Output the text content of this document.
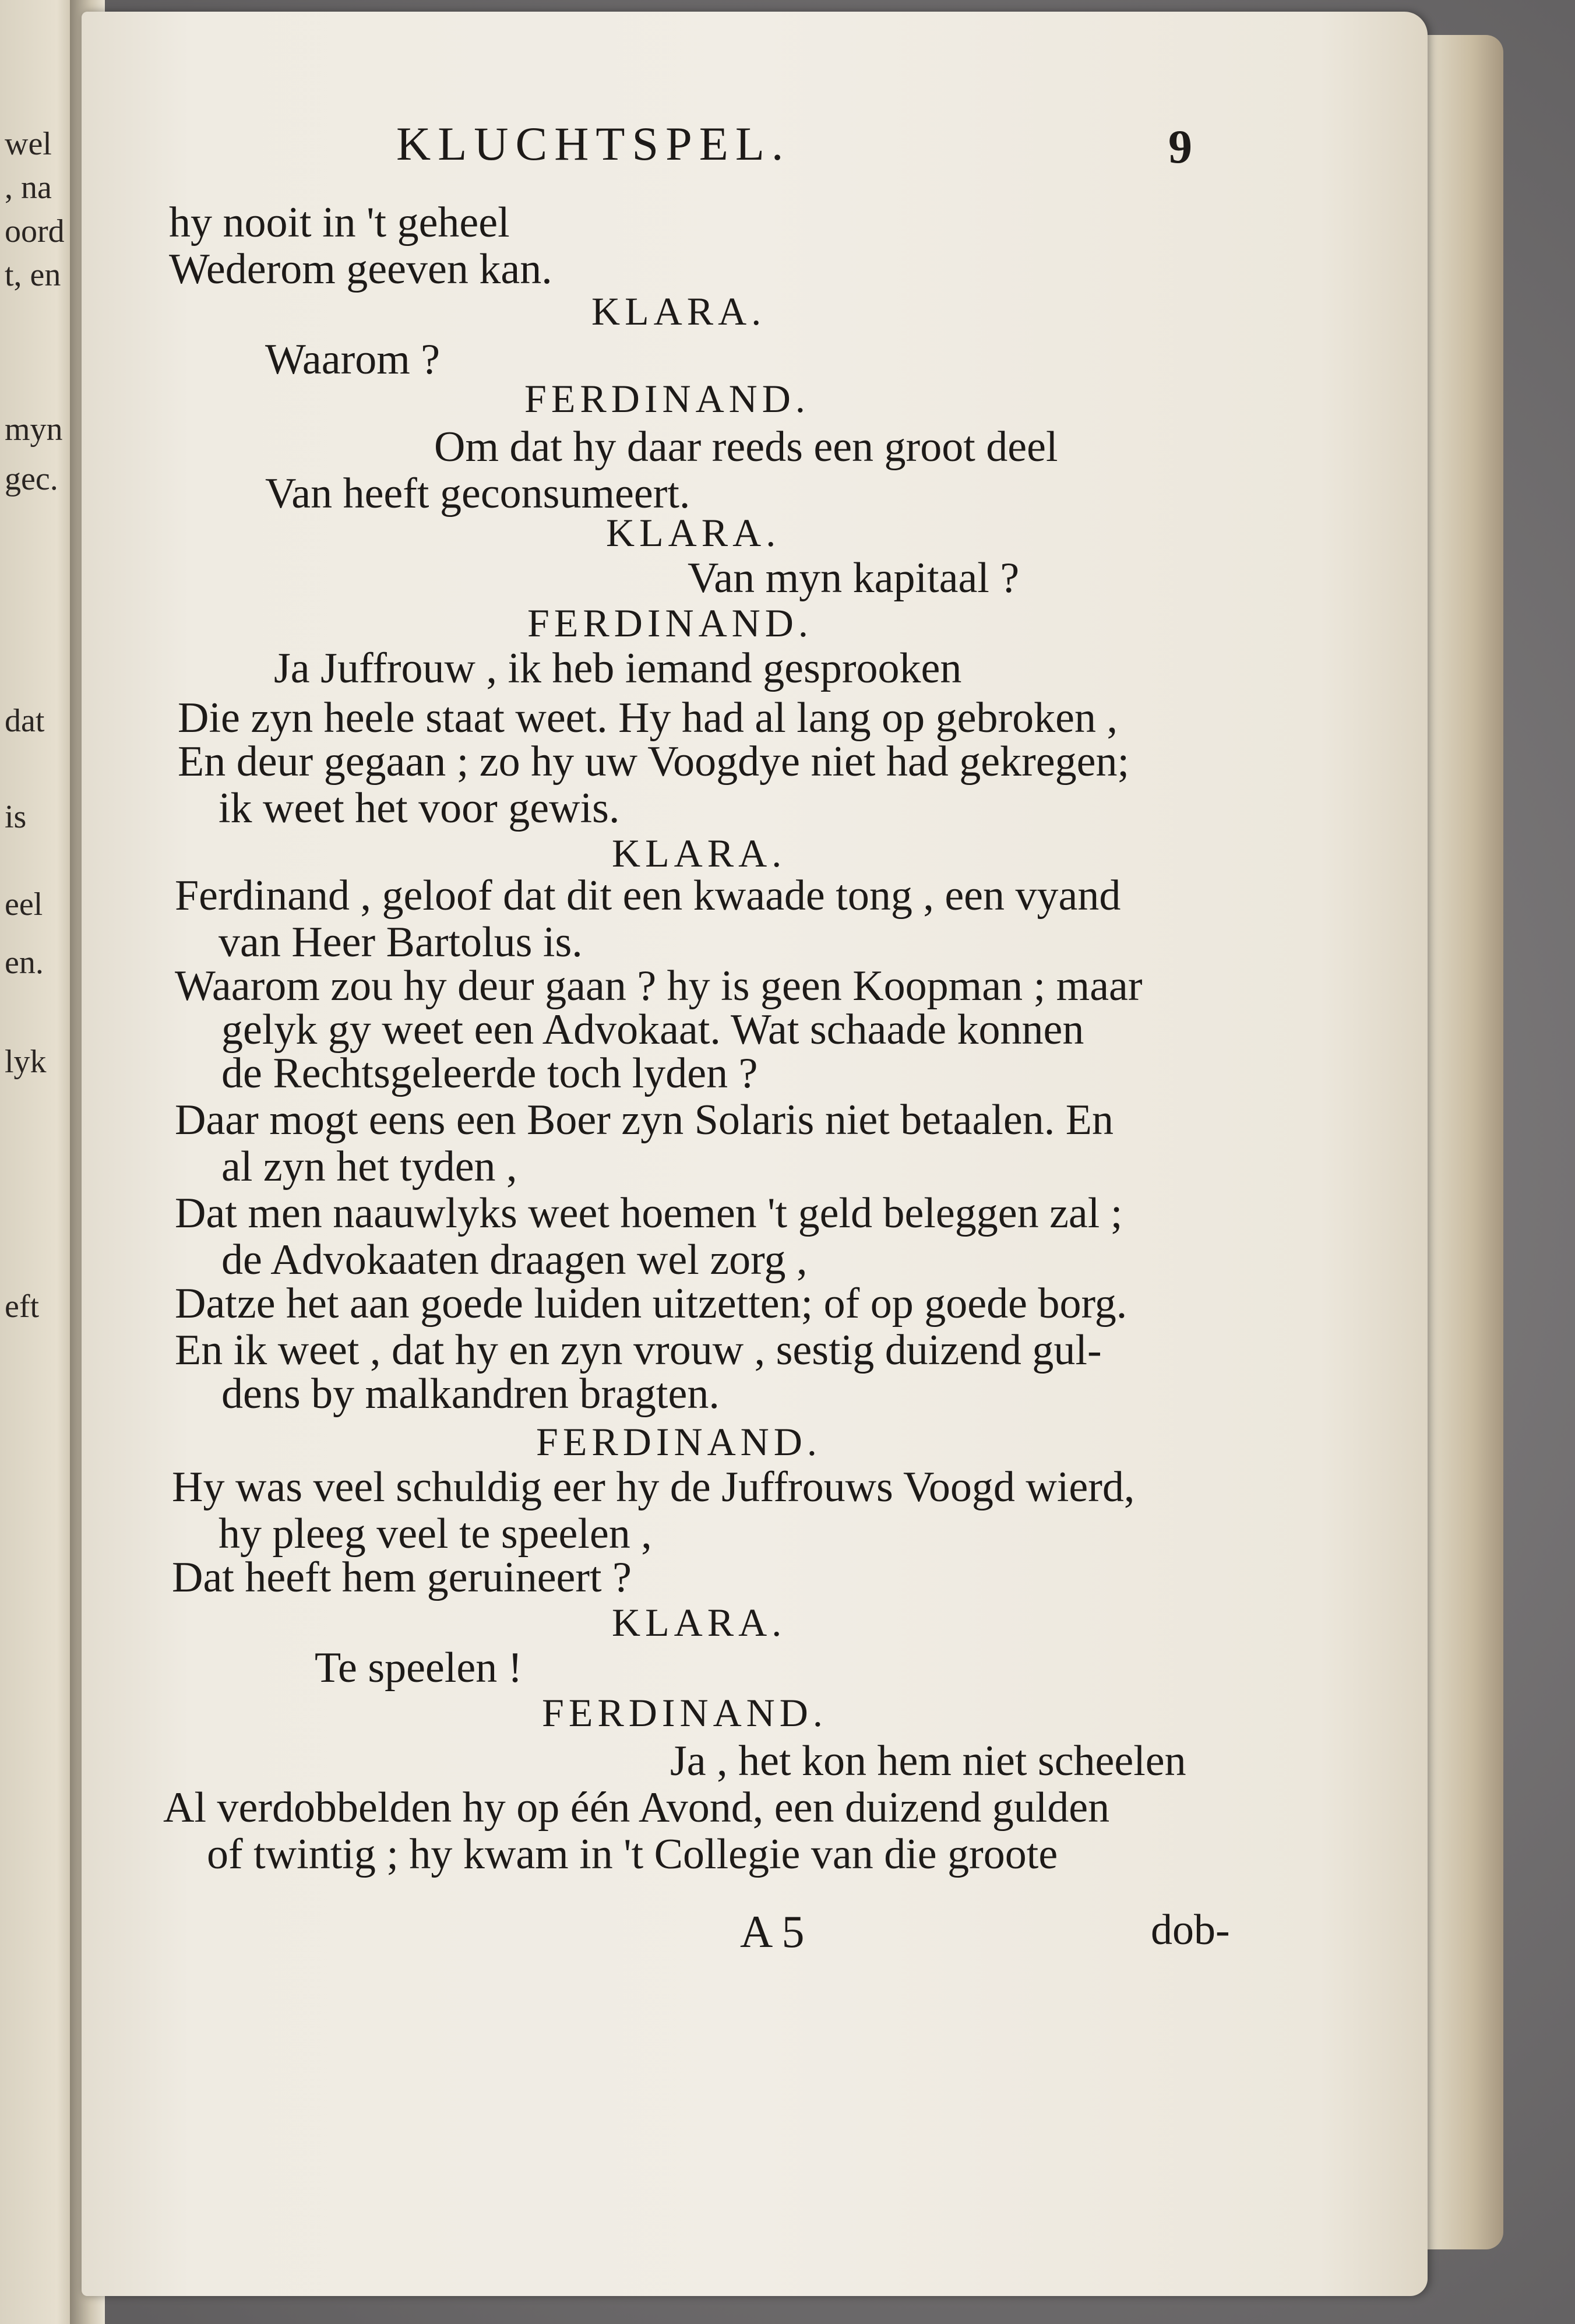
wel
, na
oord
t, en
myn
gec.
dat
is
eel
en.
lyk
eft
KLUCHTSPEL.	9
hy nooit in 't geheel
Wederom geeven kan.
KLARA.
Waarom ?
FERDINAND.
Om dat hy daar reeds een groot deel
Van heeft geconsumeert.
KLARA.
Van myn kapitaal ?
FERDINAND.
Ja Juffrouw , ik heb iemand gesprooken
Die zyn heele staat weet. Hy had al lang op gebroken ,
En deur gegaan ; zo hy uw Voogdye niet had gekregen;
ik weet het voor gewis.
KLARA.
Ferdinand , geloof dat dit een kwaade tong , een vyand
van Heer Bartolus is.
Waarom zou hy deur gaan ? hy is geen Koopman ; maar
gelyk gy weet een Advokaat. Wat schaade konnen
de Rechtsgeleerde toch lyden ?
Daar mogt eens een Boer zyn Solaris niet betaalen. En
al zyn het tyden ,
Dat men naauwlyks weet hoemen 't geld beleggen zal ;
de Advokaaten draagen wel zorg ,
Datze het aan goede luiden uitzetten; of op goede borg.
En ik weet , dat hy en zyn vrouw , sestig duizend gul-
dens by malkandren bragten.
FERDINAND.
Hy was veel schuldig eer hy de Juffrouws Voogd wierd,
hy pleeg veel te speelen ,
Dat heeft hem geruineert ?
KLARA.
Te speelen !
FERDINAND.
Ja , het kon hem niet scheelen
Al verdobbelden hy op één Avond, een duizend gulden
of twintig ; hy kwam in 't Collegie van die groote
A 5	dob-
